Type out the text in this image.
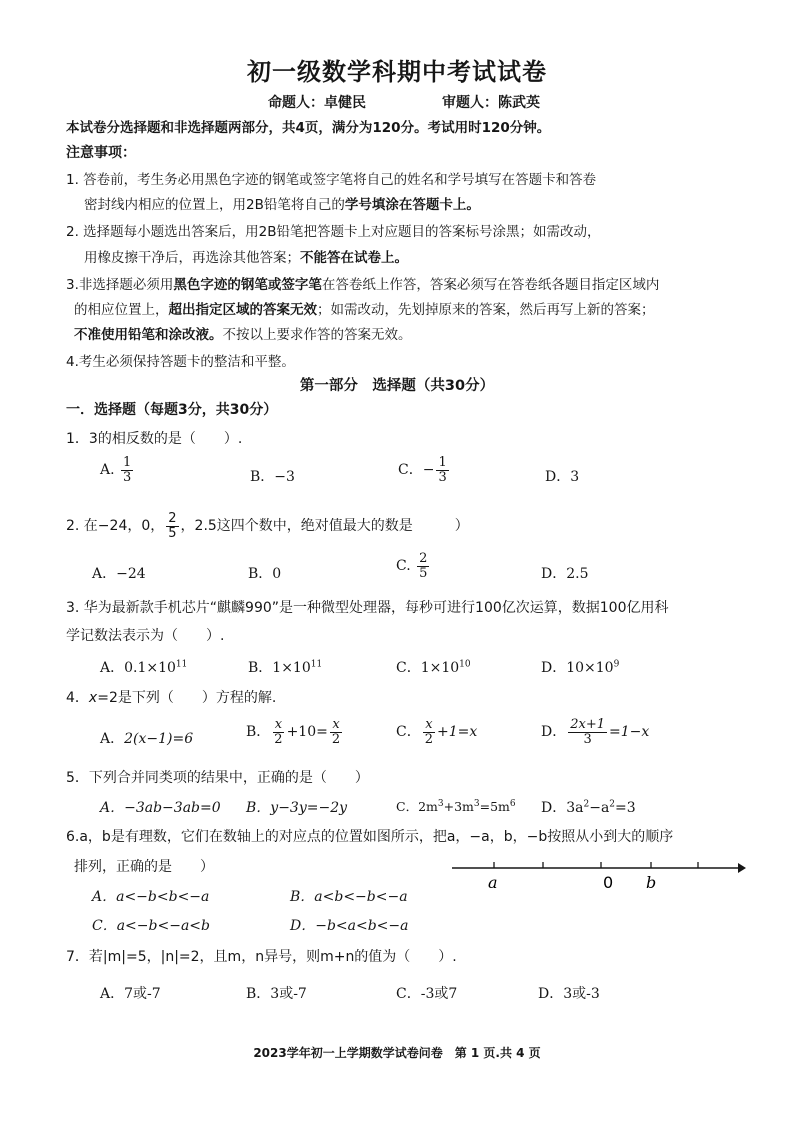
初一级数学科期中考试试卷
命题人：卓健民	审题人：陈武英
本试卷分选择题和非选择题两部分，共4页，满分为120分。考试用时120分钟。
注意事项：
1. 答卷前，考生务必用黑色字迹的钢笔或签字笔将自己的姓名和学号填写在答题卡和答卷
密封线内相应的位置上，用2B铅笔将自己的学号填涂在答题卡上。
2. 选择题每小题选出答案后，用2B铅笔把答题卡上对应题目的答案标号涂黑；如需改动，
用橡皮擦干净后，再选涂其他答案；不能答在试卷上。
3.非选择题必须用黑色字迹的钢笔或签字笔在答卷纸上作答，答案必须写在答卷纸各题目指定区域内
的相应位置上，超出指定区域的答案无效；如需改动，先划掉原来的答案，然后再写上新的答案；
不准使用铅笔和涂改液。不按以上要求作答的答案无效。
4.考生必须保持答题卡的整洁和平整。
第一部分　选择题（共30分）
一．选择题（每题3分，共30分）
1．3的相反数的是（　　）.
A. $\frac{1}{3}$	B．−3	C．− $\frac{1}{3}$	D．3
2. 在−24，0， $\frac{2}{5}$ ，2.5这四个数中，绝对值最大的数是　　　）
A．−24	B．0	C. $\frac{2}{5}$	D．2.5
3. 华为最新款手机芯片“麒麟990”是一种微型处理器，每秒可进行100亿次运算，数据100亿用科
学记数法表示为（　　）.
A．$0.1\times 10^{11}$	B．$1\times 10^{11}$	C．$1\times 10^{10}$	D．$10\times 10^9$
4．x=2是下列（　　）方程的解.
A．2(x−1)=6	B． $\frac{x}{2} +10= \frac{x}{2}$	C． $\frac{x}{2} +1=x$	D． $\frac{2x+1}{3} =1-x$
5．下列合并同类项的结果中，正确的是（　　）
A．−3ab−3ab=0 B．y−3y=−2y	C．$2m^3+3m^3=5m^6$ D．$3a^2-a^2=3$
6.a，b是有理数，它们在数轴上的对应点的位置如图所示，把a，−a，b，−b按照从小到大的顺序
排列，正确的是　　）
A．a<−b<b<−a	B．a<b<−b<−a
C．a<−b<−a<b	D．−b<a<b<−a
a	0 b
7．若|m|=5，|n|=2，且m，n异号，则m+n的值为（　　）.
A．7或-7	B．3或-7	C．-3或7	D．3或-3
2023学年初一上学期数学试卷问卷　第 1 页.共 4 页
